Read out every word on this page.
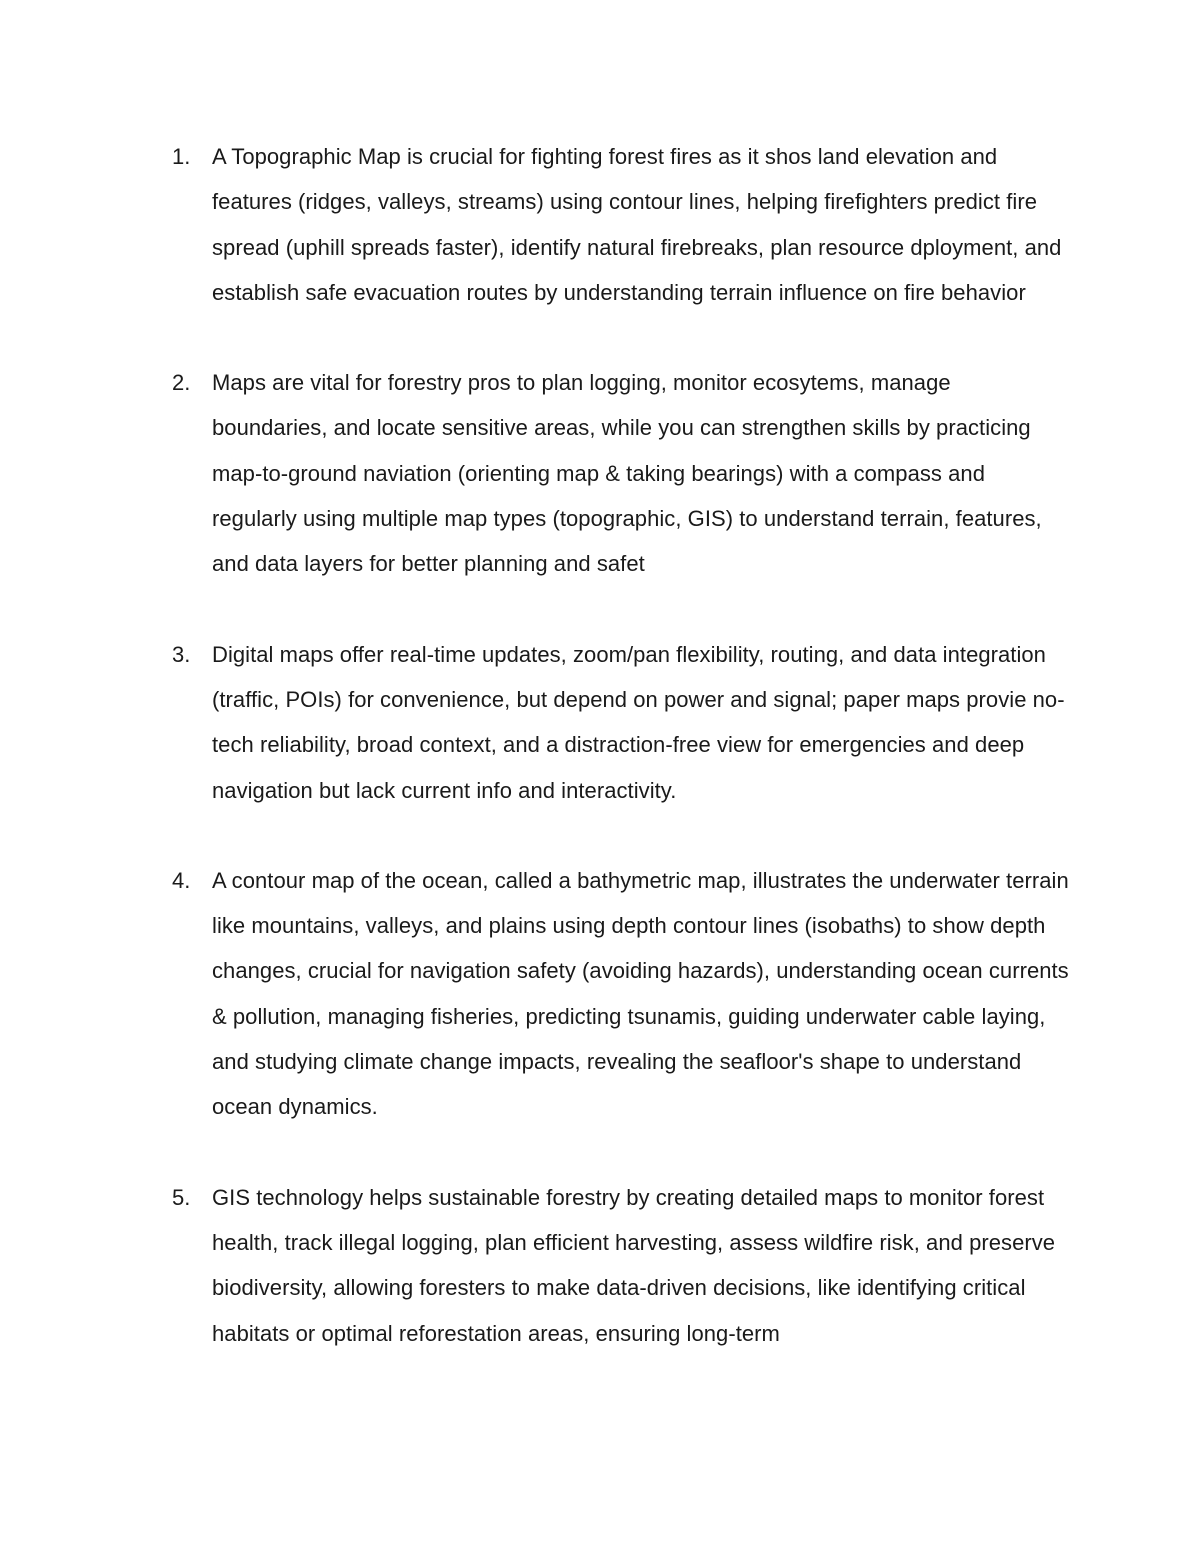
1. A Topographic Map is crucial for fighting forest fires as it shos land elevation and features (ridges, valleys, streams) using contour lines, helping firefighters predict fire spread (uphill spreads faster), identify natural firebreaks, plan resource dployment, and establish safe evacuation routes by understanding terrain influence on fire behavior
2. Maps are vital for forestry pros to plan logging, monitor ecosytems, manage boundaries, and locate sensitive areas, while you can strengthen skills by practicing map-to-ground naviation (orienting map & taking bearings) with a compass and regularly using multiple map types (topographic, GIS) to understand terrain, features, and data layers for better planning and safet
3. Digital maps offer real-time updates, zoom/pan flexibility, routing, and data integration (traffic, POIs) for convenience, but depend on power and signal; paper maps provie no-tech reliability, broad context, and a distraction-free view for emergencies and deep navigation but lack current info and interactivity.
4. A contour map of the ocean, called a bathymetric map, illustrates the underwater terrain like mountains, valleys, and plains using depth contour lines (isobaths) to show depth changes, crucial for navigation safety (avoiding hazards), understanding ocean currents & pollution, managing fisheries, predicting tsunamis, guiding underwater cable laying, and studying climate change impacts, revealing the seafloor's shape to understand ocean dynamics.
5. GIS technology helps sustainable forestry by creating detailed maps to monitor forest health, track illegal logging, plan efficient harvesting, assess wildfire risk, and preserve biodiversity, allowing foresters to make data-driven decisions, like identifying critical habitats or optimal reforestation areas, ensuring long-term
